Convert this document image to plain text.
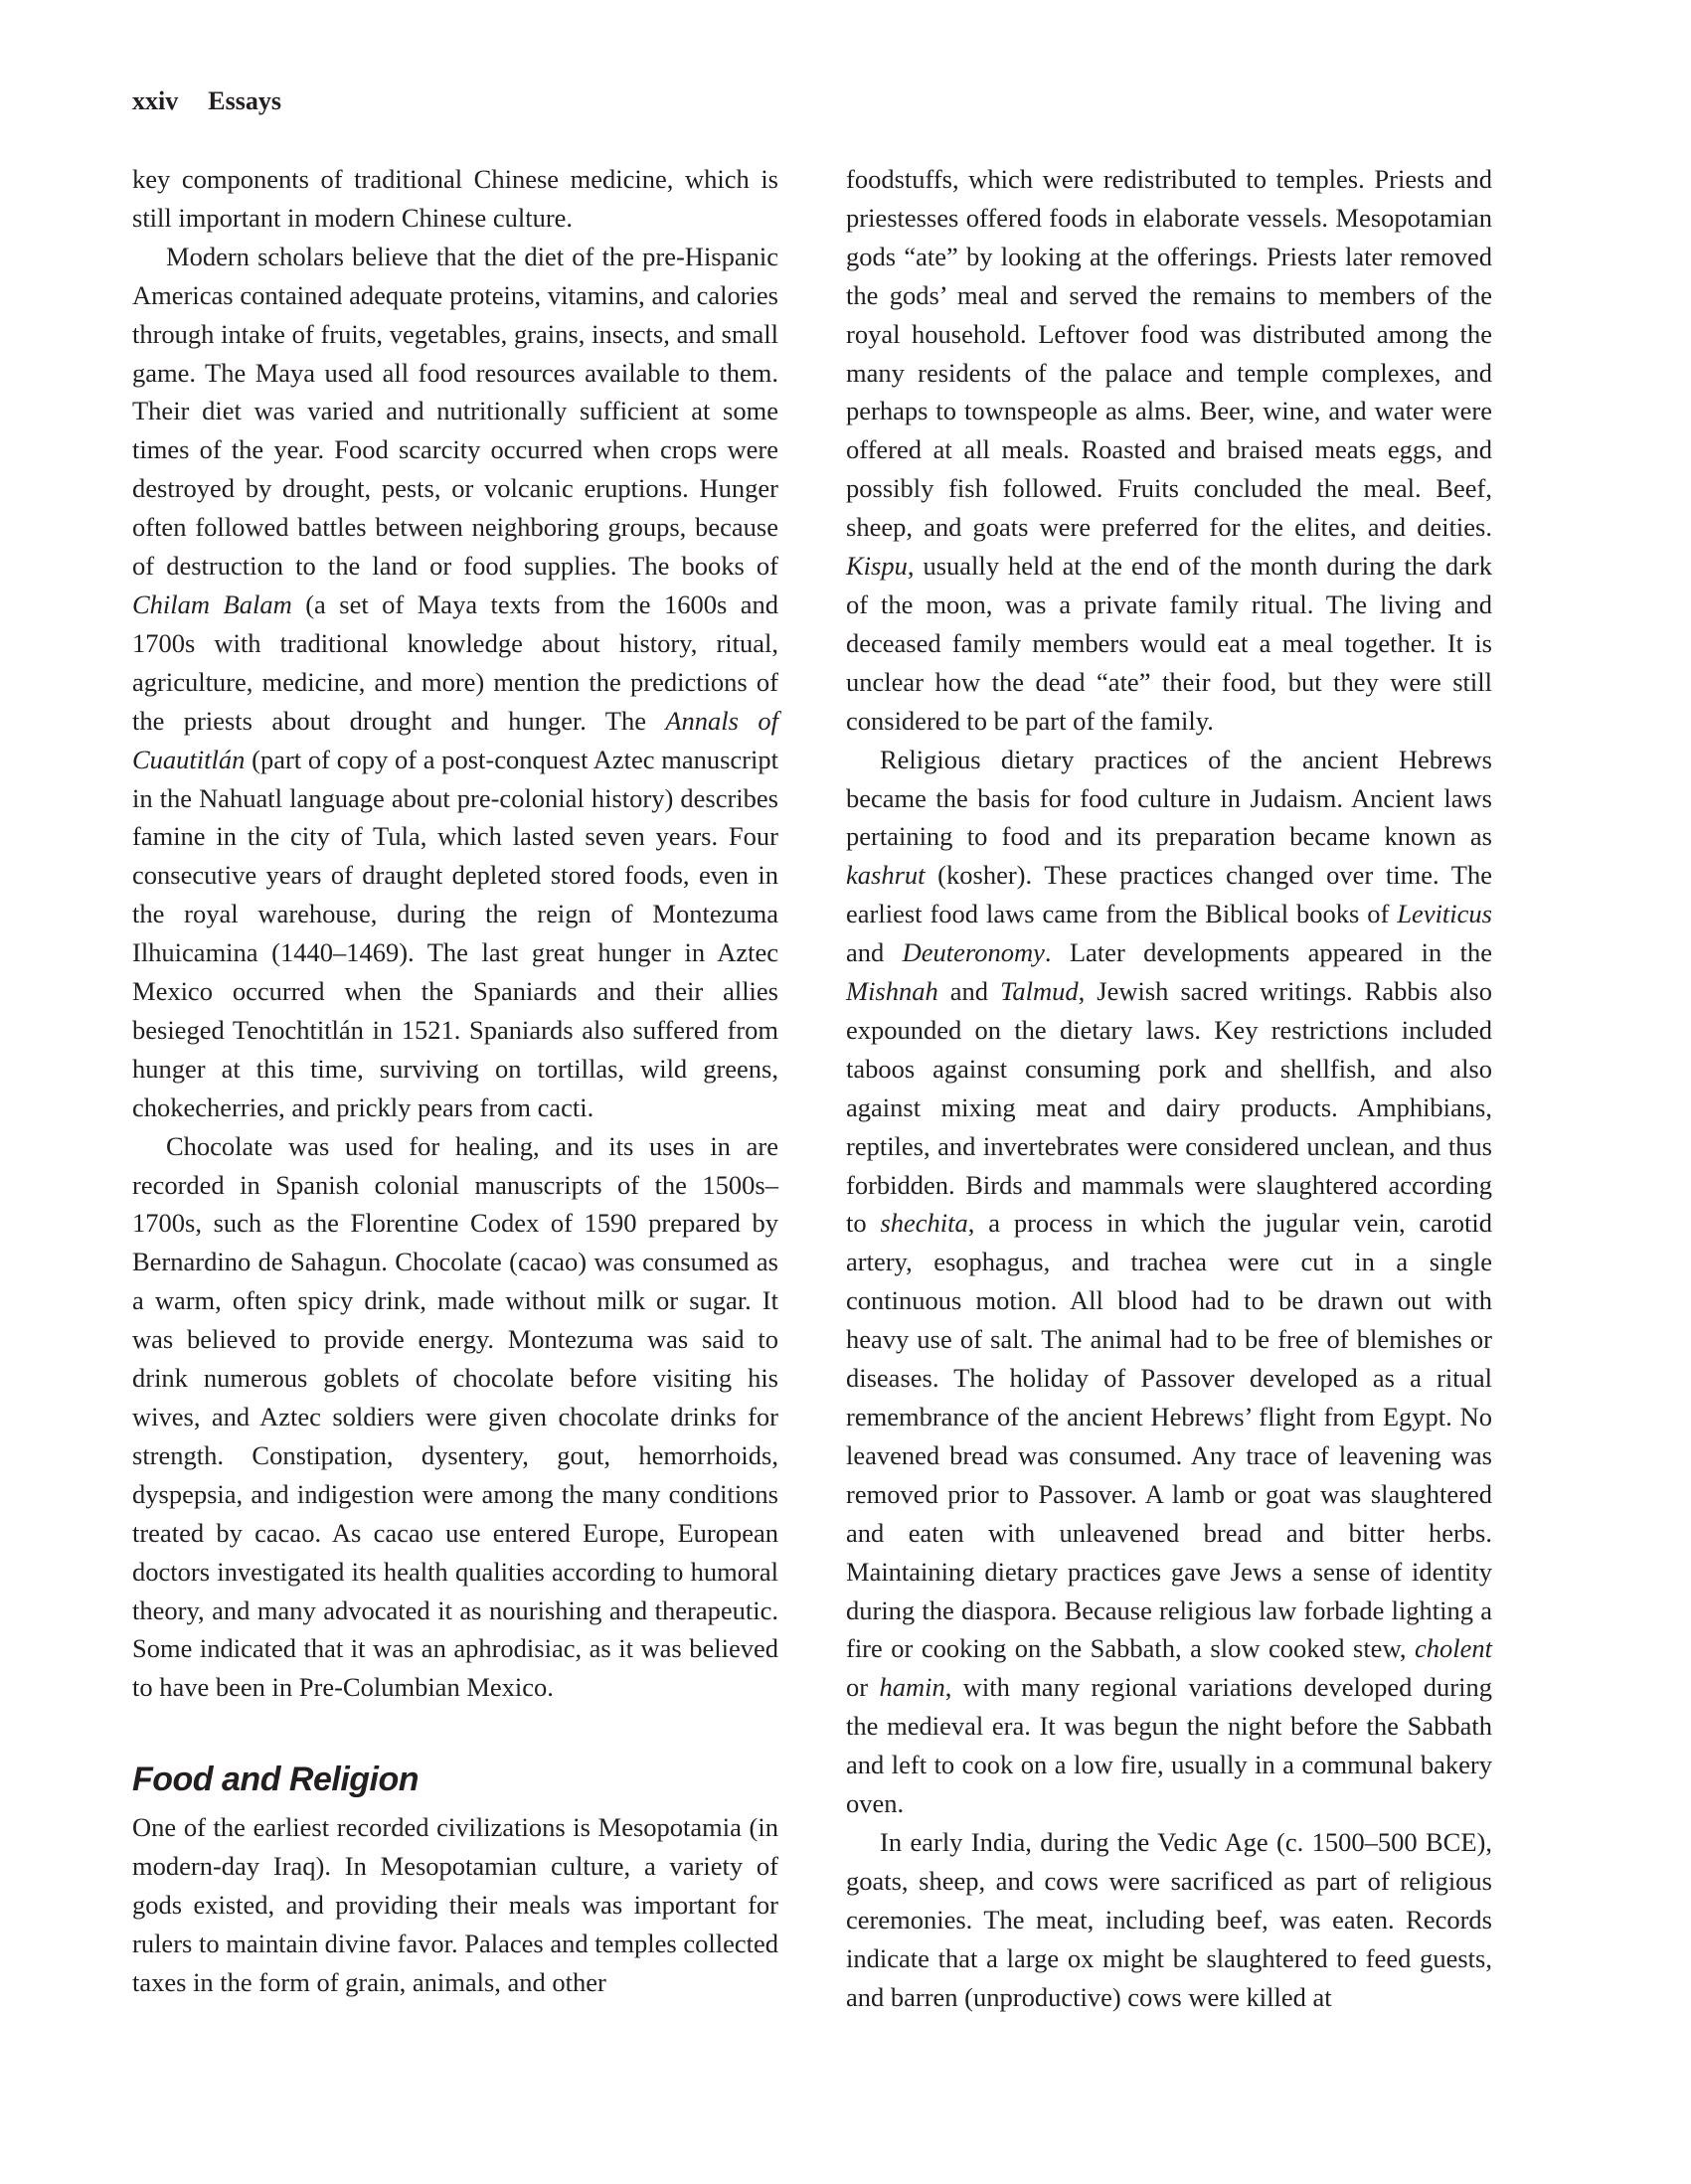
xxiv Essays

key components of traditional Chinese medicine, which is still important in modern Chinese culture.

Modern scholars believe that the diet of the pre-Hispanic Americas contained adequate proteins, vitamins, and calories through intake of fruits, vegetables, grains, insects, and small game. The Maya used all food resources available to them. Their diet was varied and nutritionally sufficient at some times of the year. Food scarcity occurred when crops were destroyed by drought, pests, or volcanic eruptions. Hunger often followed battles between neighboring groups, because of destruction to the land or food supplies. The books of Chilam Balam (a set of Maya texts from the 1600s and 1700s with traditional knowledge about history, ritual, agriculture, medicine, and more) mention the predictions of the priests about drought and hunger. The Annals of Cuautitlán (part of copy of a post-conquest Aztec manuscript in the Nahuatl language about pre-colonial history) describes famine in the city of Tula, which lasted seven years. Four consecutive years of draught depleted stored foods, even in the royal warehouse, during the reign of Montezuma Ilhuicamina (1440–1469). The last great hunger in Aztec Mexico occurred when the Spaniards and their allies besieged Tenochtitlán in 1521. Spaniards also suffered from hunger at this time, surviving on tortillas, wild greens, chokecherries, and prickly pears from cacti.

Chocolate was used for healing, and its uses in are recorded in Spanish colonial manuscripts of the 1500s–1700s, such as the Florentine Codex of 1590 prepared by Bernardino de Sahagun. Chocolate (cacao) was consumed as a warm, often spicy drink, made without milk or sugar. It was believed to provide energy. Montezuma was said to drink numerous goblets of chocolate before visiting his wives, and Aztec soldiers were given chocolate drinks for strength. Constipation, dysentery, gout, hemorrhoids, dyspepsia, and indigestion were among the many conditions treated by cacao. As cacao use entered Europe, European doctors investigated its health qualities according to humoral theory, and many advocated it as nourishing and therapeutic. Some indicated that it was an aphrodisiac, as it was believed to have been in Pre-Columbian Mexico.

Food and Religion

One of the earliest recorded civilizations is Mesopotamia (in modern-day Iraq). In Mesopotamian culture, a variety of gods existed, and providing their meals was important for rulers to maintain divine favor. Palaces and temples collected taxes in the form of grain, animals, and other

foodstuffs, which were redistributed to temples. Priests and priestesses offered foods in elaborate vessels. Mesopotamian gods “ate” by looking at the offerings. Priests later removed the gods’ meal and served the remains to members of the royal household. Leftover food was distributed among the many residents of the palace and temple complexes, and perhaps to townspeople as alms. Beer, wine, and water were offered at all meals. Roasted and braised meats eggs, and possibly fish followed. Fruits concluded the meal. Beef, sheep, and goats were preferred for the elites, and deities. Kispu, usually held at the end of the month during the dark of the moon, was a private family ritual. The living and deceased family members would eat a meal together. It is unclear how the dead “ate” their food, but they were still considered to be part of the family.

Religious dietary practices of the ancient Hebrews became the basis for food culture in Judaism. Ancient laws pertaining to food and its preparation became known as kashrut (kosher). These practices changed over time. The earliest food laws came from the Biblical books of Leviticus and Deuteronomy. Later developments appeared in the Mishnah and Talmud, Jewish sacred writings. Rabbis also expounded on the dietary laws. Key restrictions included taboos against consuming pork and shellfish, and also against mixing meat and dairy products. Amphibians, reptiles, and invertebrates were considered unclean, and thus forbidden. Birds and mammals were slaughtered according to shechita, a process in which the jugular vein, carotid artery, esophagus, and trachea were cut in a single continuous motion. All blood had to be drawn out with heavy use of salt. The animal had to be free of blemishes or diseases. The holiday of Passover developed as a ritual remembrance of the ancient Hebrews’ flight from Egypt. No leavened bread was consumed. Any trace of leavening was removed prior to Passover. A lamb or goat was slaughtered and eaten with unleavened bread and bitter herbs. Maintaining dietary practices gave Jews a sense of identity during the diaspora. Because religious law forbade lighting a fire or cooking on the Sabbath, a slow cooked stew, cholent or hamin, with many regional variations developed during the medieval era. It was begun the night before the Sabbath and left to cook on a low fire, usually in a communal bakery oven.

In early India, during the Vedic Age (c. 1500–500 BCE), goats, sheep, and cows were sacrificed as part of religious ceremonies. The meat, including beef, was eaten. Records indicate that a large ox might be slaughtered to feed guests, and barren (unproductive) cows were killed at
